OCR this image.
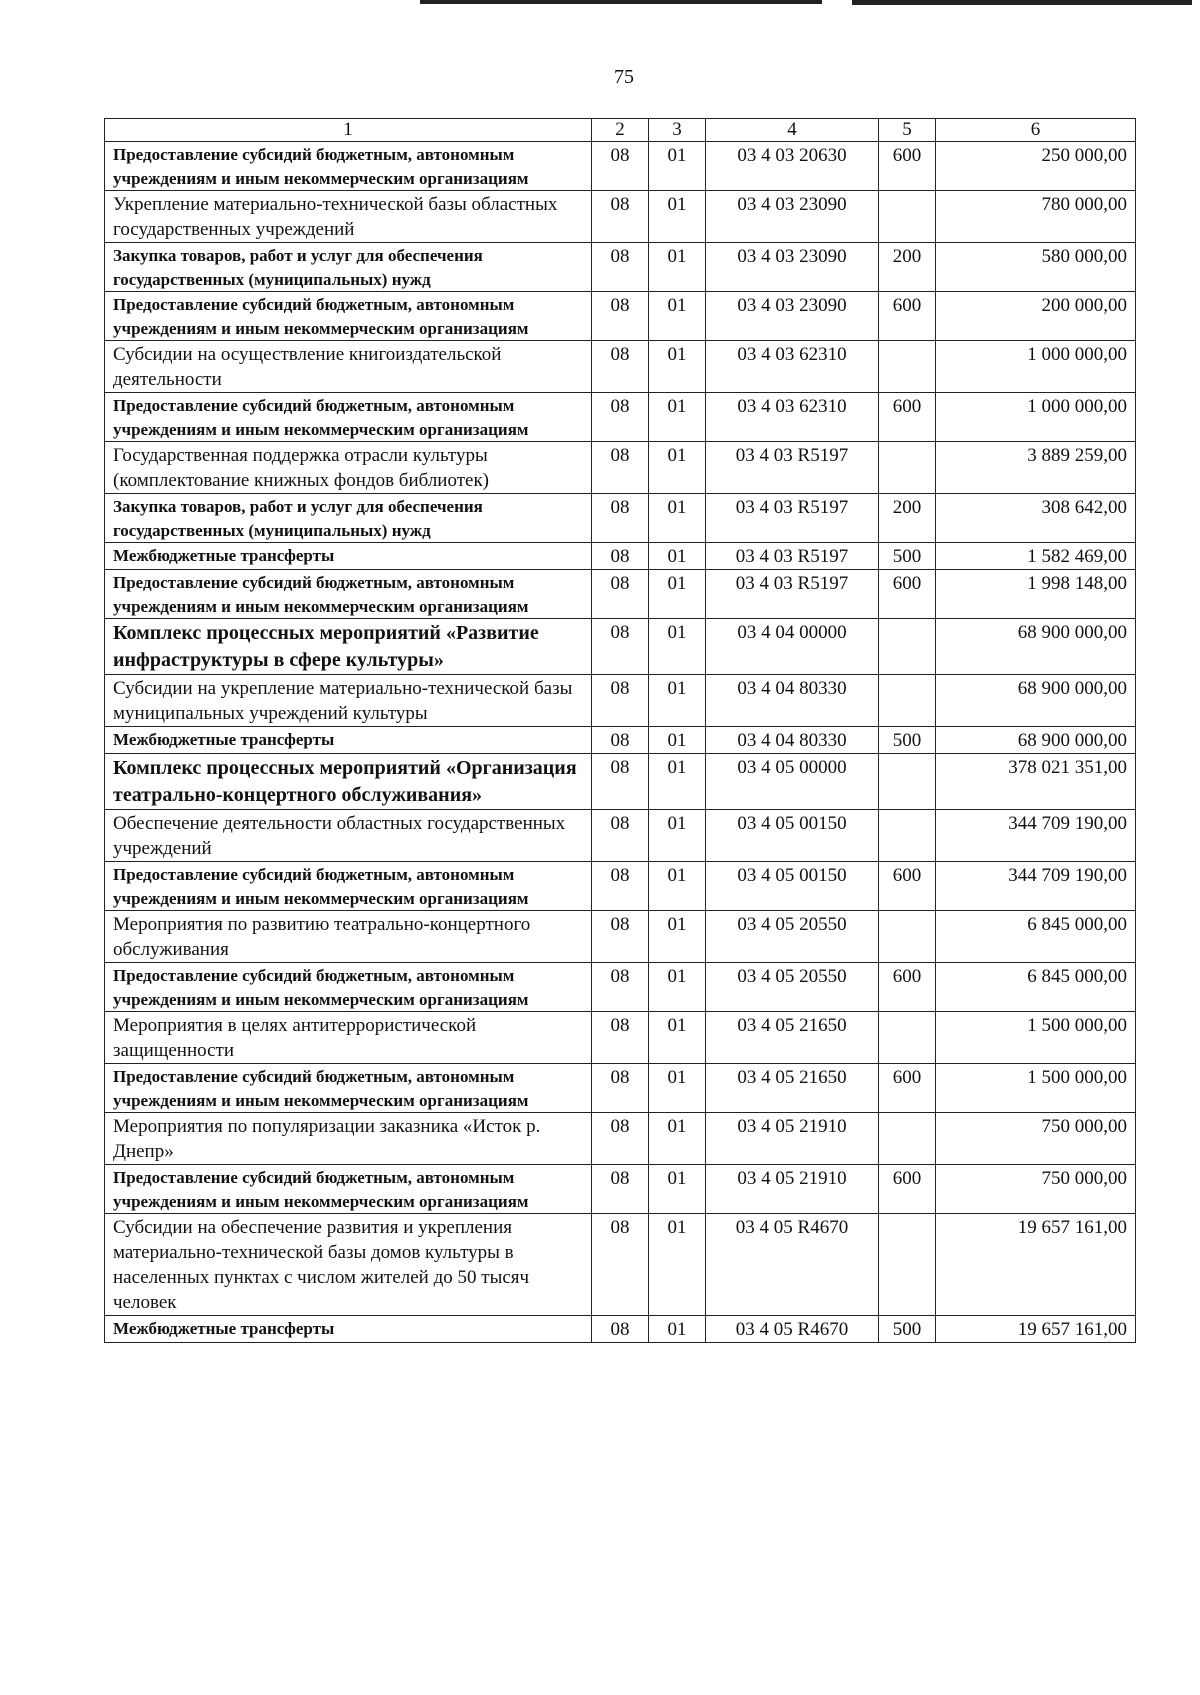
75
1	2	3	4	5	6
Предоставление субсидий бюджетным, автономным учреждениям и иным некоммерческим организациям	08	01	03 4 03 20630	600	250 000,00
Укрепление материально-технической базы областных государственных учреждений	08	01	03 4 03 23090		780 000,00
Закупка товаров, работ и услуг для обеспечения государственных (муниципальных) нужд	08	01	03 4 03 23090	200	580 000,00
Предоставление субсидий бюджетным, автономным учреждениям и иным некоммерческим организациям	08	01	03 4 03 23090	600	200 000,00
Субсидии на осуществление книгоиздательской деятельности	08	01	03 4 03 62310		1 000 000,00
Предоставление субсидий бюджетным, автономным учреждениям и иным некоммерческим организациям	08	01	03 4 03 62310	600	1 000 000,00
Государственная поддержка отрасли культуры (комплектование книжных фондов библиотек)	08	01	03 4 03 R5197		3 889 259,00
Закупка товаров, работ и услуг для обеспечения государственных (муниципальных) нужд	08	01	03 4 03 R5197	200	308 642,00
Межбюджетные трансферты	08	01	03 4 03 R5197	500	1 582 469,00
Предоставление субсидий бюджетным, автономным учреждениям и иным некоммерческим организациям	08	01	03 4 03 R5197	600	1 998 148,00
Комплекс процессных мероприятий «Развитие инфраструктуры в сфере культуры»	08	01	03 4 04 00000		68 900 000,00
Субсидии на укрепление материально-технической базы муниципальных учреждений культуры	08	01	03 4 04 80330		68 900 000,00
Межбюджетные трансферты	08	01	03 4 04 80330	500	68 900 000,00
Комплекс процессных мероприятий «Организация театрально-концертного обслуживания»	08	01	03 4 05 00000		378 021 351,00
Обеспечение деятельности областных государственных учреждений	08	01	03 4 05 00150		344 709 190,00
Предоставление субсидий бюджетным, автономным учреждениям и иным некоммерческим организациям	08	01	03 4 05 00150	600	344 709 190,00
Мероприятия по развитию театрально-концертного обслуживания	08	01	03 4 05 20550		6 845 000,00
Предоставление субсидий бюджетным, автономным учреждениям и иным некоммерческим организациям	08	01	03 4 05 20550	600	6 845 000,00
Мероприятия в целях антитеррористической защищенности	08	01	03 4 05 21650		1 500 000,00
Предоставление субсидий бюджетным, автономным учреждениям и иным некоммерческим организациям	08	01	03 4 05 21650	600	1 500 000,00
Мероприятия по популяризации заказника «Исток р. Днепр»	08	01	03 4 05 21910		750 000,00
Предоставление субсидий бюджетным, автономным учреждениям и иным некоммерческим организациям	08	01	03 4 05 21910	600	750 000,00
Субсидии на обеспечение развития и укрепления материально-технической базы домов культуры в населенных пунктах с числом жителей до 50 тысяч человек	08	01	03 4 05 R4670		19 657 161,00
Межбюджетные трансферты	08	01	03 4 05 R4670	500	19 657 161,00
